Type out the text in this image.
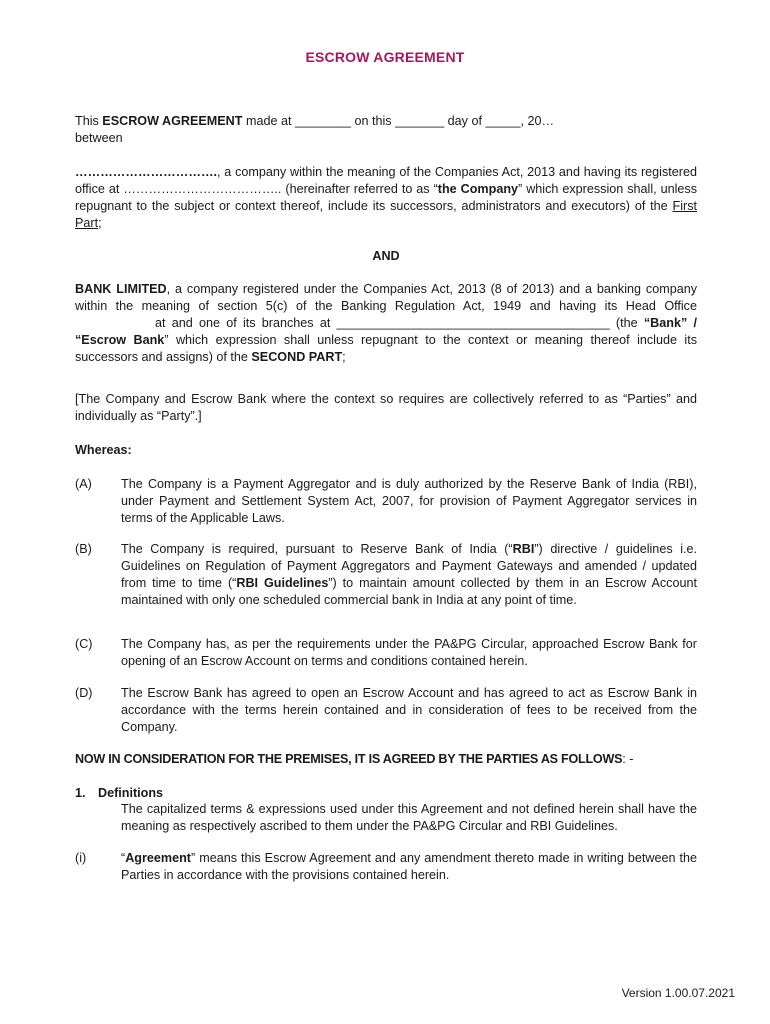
ESCROW AGREEMENT
This ESCROW AGREEMENT made at ________ on this _______ day of _____, 20…
between
……………………………., a company within the meaning of the Companies Act, 2013 and having its registered office at ……………………………….. (hereinafter referred to as “the Company” which expression shall, unless repugnant to the subject or context thereof, include its successors, administrators and executors) of the First Part;
AND
BANK LIMITED, a company registered under the Companies Act, 2013 (8 of 2013) and a banking company within the meaning of section 5(c) of the Banking Regulation Act, 1949 and having its Head Officeat and one of its branches at _______________________________________ (the “Bank” / “Escrow Bank” which expression shall unless repugnant to the context or meaning thereof include its successors and assigns) of the SECOND PART;
[The Company and Escrow Bank where the context so requires are collectively referred to as “Parties” and individually as “Party”.]
Whereas:
(A)	The Company is a Payment Aggregator and is duly authorized by the Reserve Bank of India (RBI), under Payment and Settlement System Act, 2007, for provision of Payment Aggregator services in terms of the Applicable Laws.
(B)	The Company is required, pursuant to Reserve Bank of India (“RBI”) directive / guidelines i.e. Guidelines on Regulation of Payment Aggregators and Payment Gateways and amended / updated from time to time (“RBI Guidelines”) to maintain amount collected by them in an Escrow Account maintained with only one scheduled commercial bank in India at any point of time.
(C)	The Company has, as per the requirements under the PA&PG Circular, approached Escrow Bank for opening of an Escrow Account on terms and conditions contained herein.
(D)	The Escrow Bank has agreed to open an Escrow Account and has agreed to act as Escrow Bank in accordance with the terms herein contained and in consideration of fees to be received from the Company.
NOW IN CONSIDERATION FOR THE PREMISES, IT IS AGREED BY THE PARTIES AS FOLLOWS: -
1. Definitions
The capitalized terms & expressions used under this Agreement and not defined herein shall have the meaning as respectively ascribed to them under the PA&PG Circular and RBI Guidelines.
(i)	“Agreement” means this Escrow Agreement and any amendment thereto made in writing between the Parties in accordance with the provisions contained herein.
Version 1.00.07.2021
